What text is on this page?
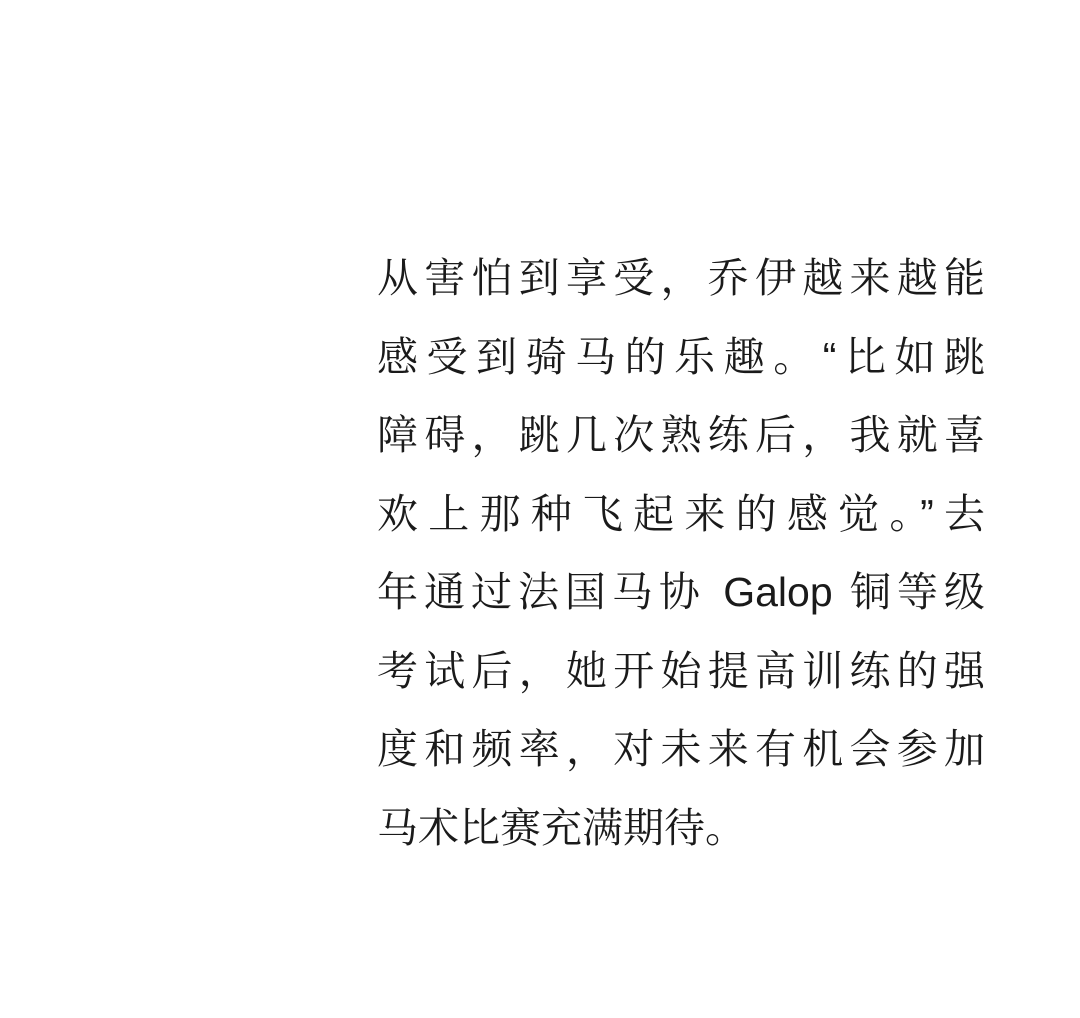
从害怕到享受，乔伊越来越能
感受到骑马的乐趣。“比如跳
障碍，跳几次熟练后，我就喜
欢上那种飞起来的感觉。”去
年通过法国马协 Galop 铜等级
考试后，她开始提高训练的强
度和频率，对未来有机会参加
马术比赛充满期待。
